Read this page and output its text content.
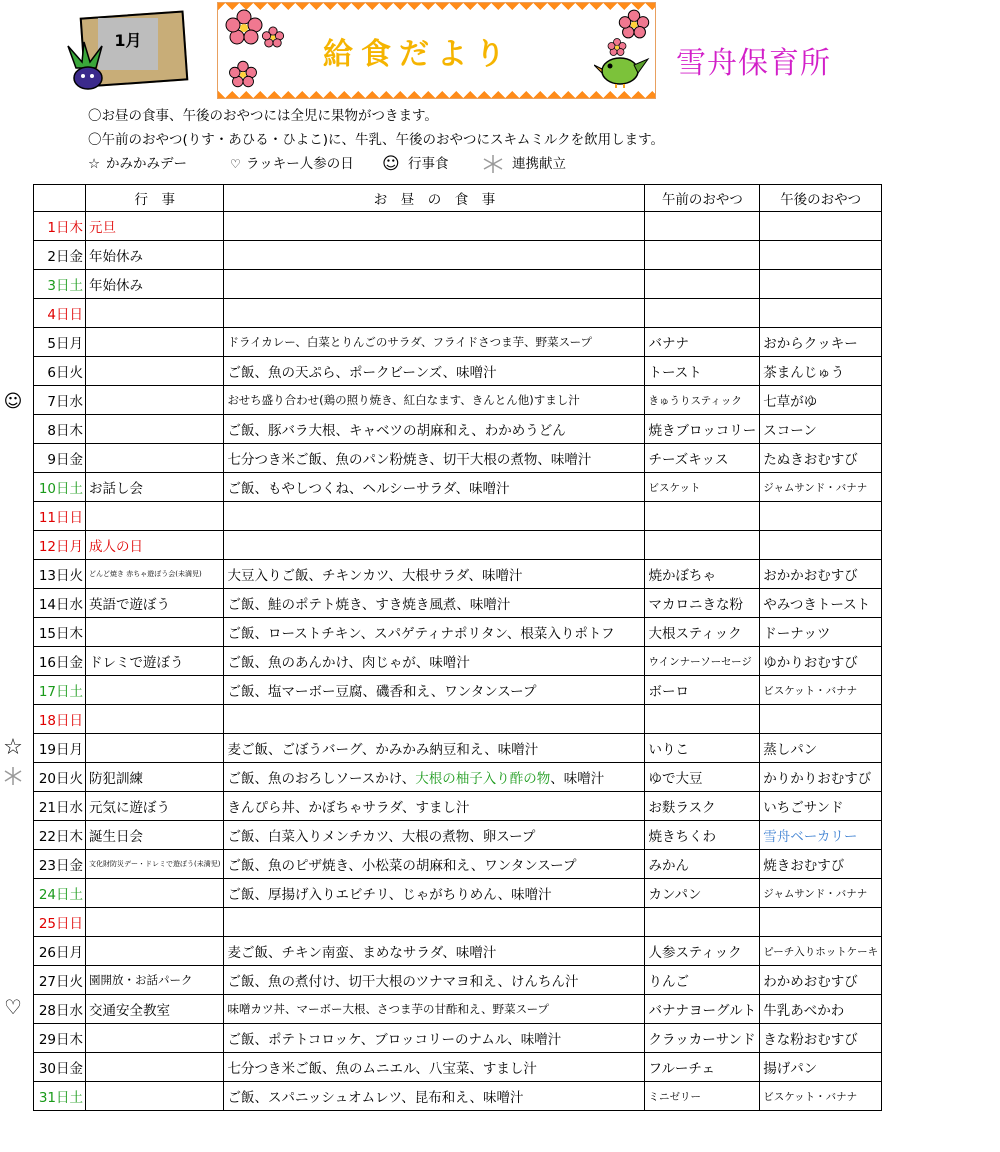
1月	給食だより	雪舟保育所
〇お昼の食事、午後のおやつには全児に果物がつきます。
〇午前のおやつ(りす・あひる・ひよこ)に、牛乳、午後のおやつにスキムミルクを飲用します。
☆ かみかみデー	♡ ラッキー人参の日	☺ 行事食	連携献立
☺
☆
♡
	行　事	お　昼　の　食　事	午前のおやつ	午後のおやつ
1日木	元旦			
2日金	年始休み			
3日土	年始休み			
4日日				
5日月		ドライカレー、白菜とりんごのサラダ、フライドさつま芋、野菜スープ	バナナ	おからクッキー
6日火		ご飯、魚の天ぷら、ポークビーンズ、味噌汁	トースト	茶まんじゅう
7日水		おせち盛り合わせ(鶏の照り焼き、紅白なます、きんとん他)すまし汁	きゅうりスティック	七草がゆ
8日木		ご飯、豚バラ大根、キャベツの胡麻和え、わかめうどん	焼きブロッコリー	スコーン
9日金		七分つき米ご飯、魚のパン粉焼き、切干大根の煮物、味噌汁	チーズキッス	たぬきおむすび
10日土	お話し会	ご飯、もやしつくね、ヘルシーサラダ、味噌汁	ビスケット	ジャムサンド・バナナ
11日日				
12日月	成人の日			
13日火	どんど焼き 赤ちゃ遊ぼう会(未満児)	大豆入りご飯、チキンカツ、大根サラダ、味噌汁	焼かぼちゃ	おかかおむすび
14日水	英語で遊ぼう	ご飯、鮭のポテト焼き、すき焼き風煮、味噌汁	マカロニきな粉	やみつきトースト
15日木		ご飯、ローストチキン、スパゲティナポリタン、根菜入りポトフ	大根スティック	ドーナッツ
16日金	ドレミで遊ぼう	ご飯、魚のあんかけ、肉じゃが、味噌汁	ウインナーソーセージ	ゆかりおむすび
17日土		ご飯、塩マーボー豆腐、磯香和え、ワンタンスープ	ボーロ	ビスケット・バナナ
18日日				
19日月		麦ご飯、ごぼうバーグ、かみかみ納豆和え、味噌汁	いりこ	蒸しパン
20日火	防犯訓練	ご飯、魚のおろしソースかけ、大根の柚子入り酢の物、味噌汁	ゆで大豆	かりかりおむすび
21日水	元気に遊ぼう	きんぴら丼、かぼちゃサラダ、すまし汁	お麩ラスク	いちごサンド
22日木	誕生日会	ご飯、白菜入りメンチカツ、大根の煮物、卵スープ	焼きちくわ	雪舟ベーカリー
23日金	文化財防災デー・ドレミで遊ぼう(未満児)	ご飯、魚のピザ焼き、小松菜の胡麻和え、ワンタンスープ	みかん	焼きおむすび
24日土		ご飯、厚揚げ入りエビチリ、じゃがちりめん、味噌汁	カンパン	ジャムサンド・バナナ
25日日				
26日月		麦ご飯、チキン南蛮、まめなサラダ、味噌汁	人参スティック	ピーチ入りホットケーキ
27日火	園開放・お話パーク	ご飯、魚の煮付け、切干大根のツナマヨ和え、けんちん汁	りんご	わかめおむすび
28日水	交通安全教室	味噌カツ丼、マーボー大根、さつま芋の甘酢和え、野菜スープ	バナナヨーグルト	牛乳あべかわ
29日木		ご飯、ポテトコロッケ、ブロッコリーのナムル、味噌汁	クラッカーサンド	きな粉おむすび
30日金		七分つき米ご飯、魚のムニエル、八宝菜、すまし汁	フルーチェ	揚げパン
31日土		ご飯、スパニッシュオムレツ、昆布和え、味噌汁	ミニゼリー	ビスケット・バナナ
